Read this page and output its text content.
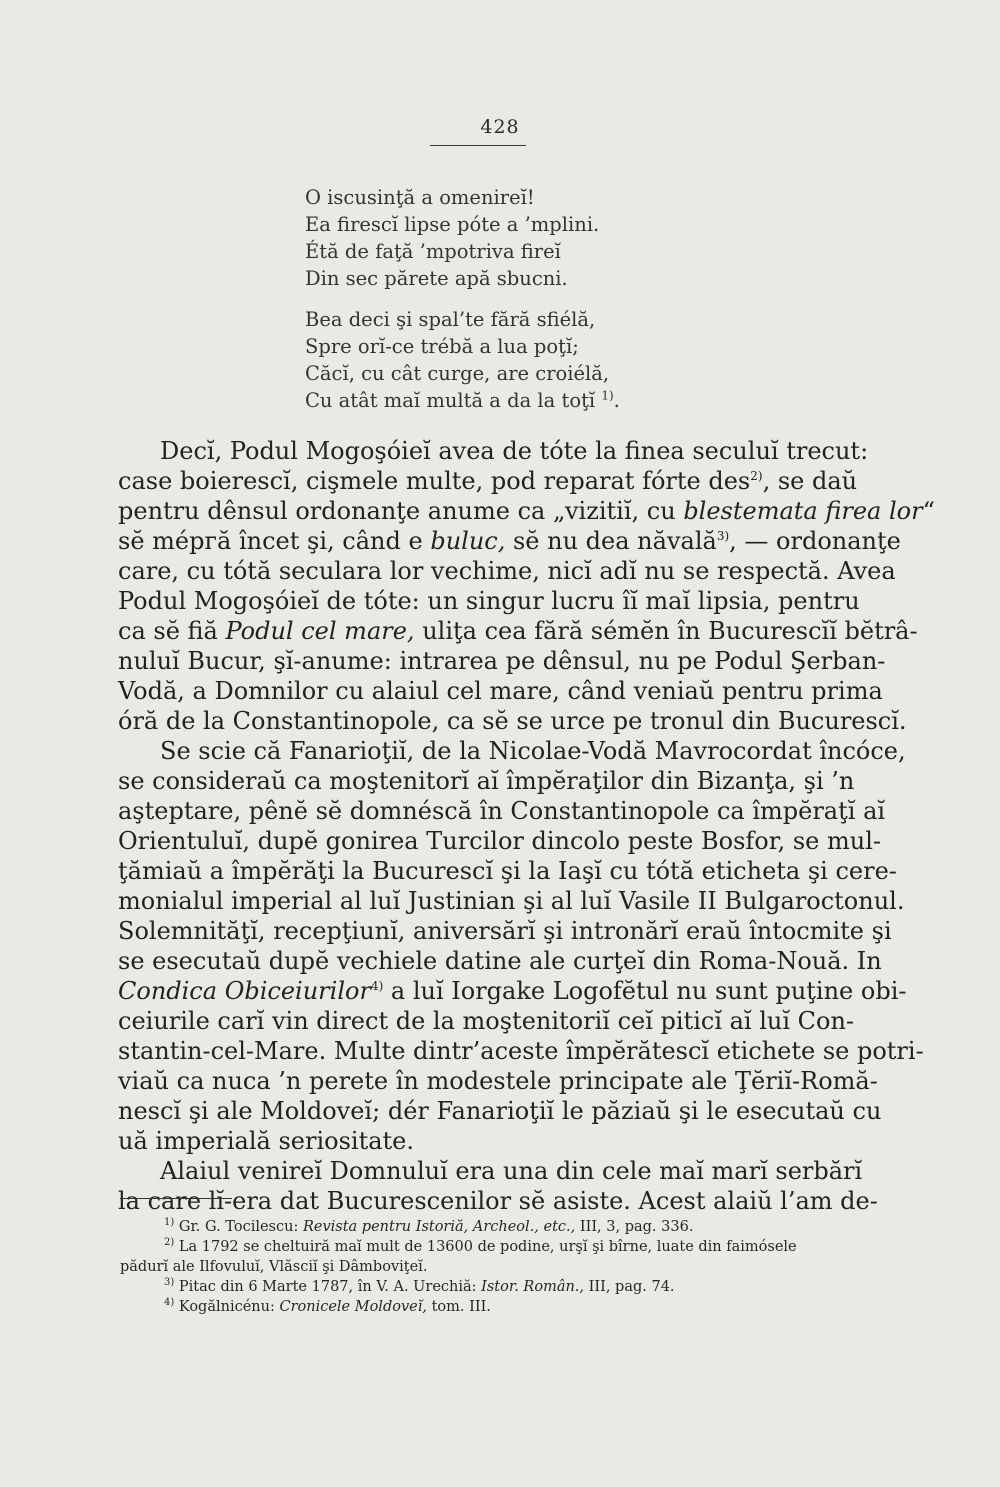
428
O iscusinţă a omenireĭ!
Ea firescĭ lipse póte a ’mplini.
Étă de faţă ’mpotriva fireĭ
Din sec părete apă sbucni.
Bea deci şi spal’te fără sfiélă,
Spre orĭ-ce trébă a lua poţĭ;
Căcĭ, cu cât curge, are croiélă,
Cu atât maĭ multă a da la toţĭ $^{1)}$.
Decĭ, Podul Mogoşóieĭ avea de tóte la finea seculuĭ trecut:
case boierescĭ, cişmele multe, pod reparat fórte des$^{2)}$, se daŭ
pentru dênsul ordonanţe anume ca „vizitiĭ, cu blestemata firea lor“
sĕ méргă încet şi, când e buluc, sĕ nu dea năvală$^{3)}$, — ordonanţe
care, cu tótă seculara lor vechime, nicĭ adĭ nu se respectă. Avea
Podul Mogoşóieĭ de tóte: un singur lucru îĭ maĭ lipsia, pentru
ca sĕ fiă Podul cel mare, uliţa cea fără sémĕn în Bucurescĭĭ bĕtrâ-
nuluĭ Bucur, şĭ-anume: intrarea pe dênsul, nu pe Podul Şerban-
Vodă, a Domnilor cu alaiul cel mare, când veniaŭ pentru prima
óră de la Constantinopole, ca sĕ se urce pe tronul din Bucurescĭ.
Se scie că Fanarioţiĭ, de la Nicolae-Vodă Mavrocordat încóce,
se consideraŭ ca moştenitorĭ aĭ împĕraţilor din Bizanţa, şi ’n
aşteptare, pênĕ sĕ domnéscă în Constantinopole ca împĕraţĭ aĭ
Orientuluĭ, dupĕ gonirea Turcilor dincolo peste Bosfor, se mul-
ţămiaŭ a împĕrăţi la Bucurescĭ şi la Iaşĭ cu tótă eticheta şi cere-
monialul imperial al luĭ Justinian şi al luĭ Vasile II Bulgaroctonul.
Solemnităţĭ, recepţiunĭ, aniversărĭ şi intronărĭ eraŭ întocmite şi
se esecutaŭ dupĕ vechiele datine ale curţeĭ din Roma-Nouă. In
Condica Obiceiurilor$^{4)}$ a luĭ Iorgake Logofĕtul nu sunt puţine obi-
ceiurile carĭ vin direct de la moştenitoriĭ ceĭ piticĭ aĭ luĭ Con-
stantin-cel-Mare. Multe dintr’aceste împĕrătescĭ etichete se potri-
viaŭ ca nuca ’n perete în modestele principate ale Ţĕriĭ-Romă-
nescĭ şi ale Moldoveĭ; dér Fanarioţiĭ le păziaŭ şi le esecutaŭ cu
uă imperială seriositate.
Alaiul venireĭ Domnuluĭ era una din cele maĭ marĭ serbărĭ
la care lĭ-era dat Bucurescenilor sĕ asiste. Acest alaiŭ l’am de-
$^{1)}$ Gr. G. Tocilescu: Revista pentru Istoriă, Archeol., etc., III, 3, pag. 336.
$^{2)}$ La 1792 se cheltuiră maĭ mult de 13600 de podine, urşĭ şi bîrne, luate din faimósele
pădurĭ ale Ilfovuluĭ, Vlăsciĭ şi Dâmboviţeĭ.
$^{3)}$ Pitac din 6 Marte 1787, în V. A. Urechiă: Istor. Român., III, pag. 74.
$^{4)}$ Kogălnicénu: Cronicele Moldoveĭ, tom. III.
